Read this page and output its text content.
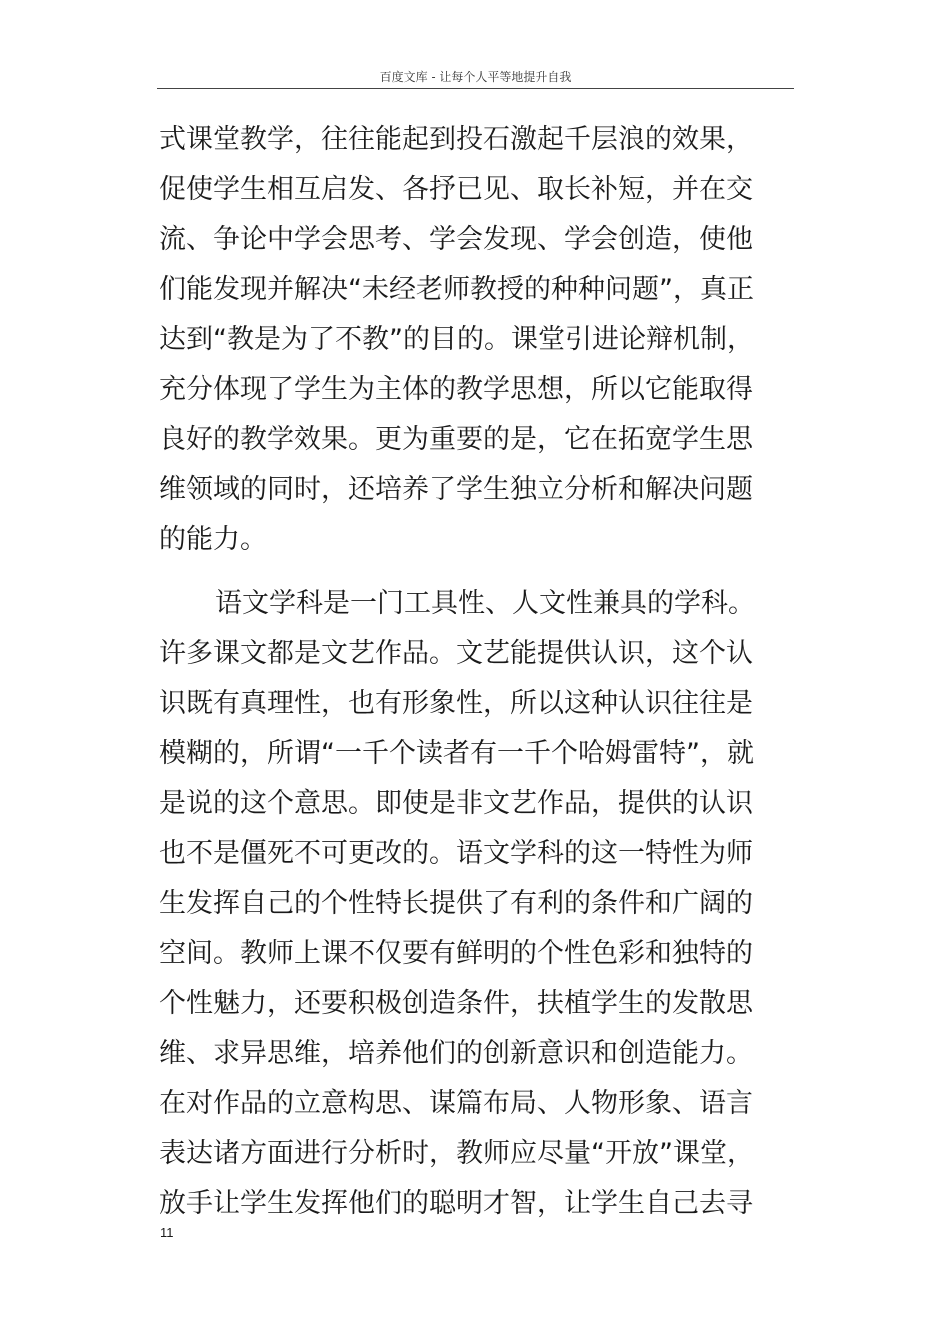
百度文库 - 让每个人平等地提升自我

式课堂教学，往往能起到投石激起千层浪的效果，
促使学生相互启发、各抒已见、取长补短，并在交
流、争论中学会思考、学会发现、学会创造，使他
们能发现并解决“未经老师教授的种种问题”，真正
达到“教是为了不教”的目的。课堂引进论辩机制，
充分体现了学生为主体的教学思想，所以它能取得
良好的教学效果。更为重要的是，它在拓宽学生思
维领域的同时，还培养了学生独立分析和解决问题
的能力。

语文学科是一门工具性、人文性兼具的学科。
许多课文都是文艺作品。文艺能提供认识，这个认
识既有真理性，也有形象性，所以这种认识往往是
模糊的，所谓“一千个读者有一千个哈姆雷特”，就
是说的这个意思。即使是非文艺作品，提供的认识
也不是僵死不可更改的。语文学科的这一特性为师
生发挥自己的个性特长提供了有利的条件和广阔的
空间。教师上课不仅要有鲜明的个性色彩和独特的
个性魅力，还要积极创造条件，扶植学生的发散思
维、求异思维，培养他们的创新意识和创造能力。
在对作品的立意构思、谋篇布局、人物形象、语言
表达诸方面进行分析时，教师应尽量“开放”课堂，
放手让学生发挥他们的聪明才智，让学生自己去寻

11
